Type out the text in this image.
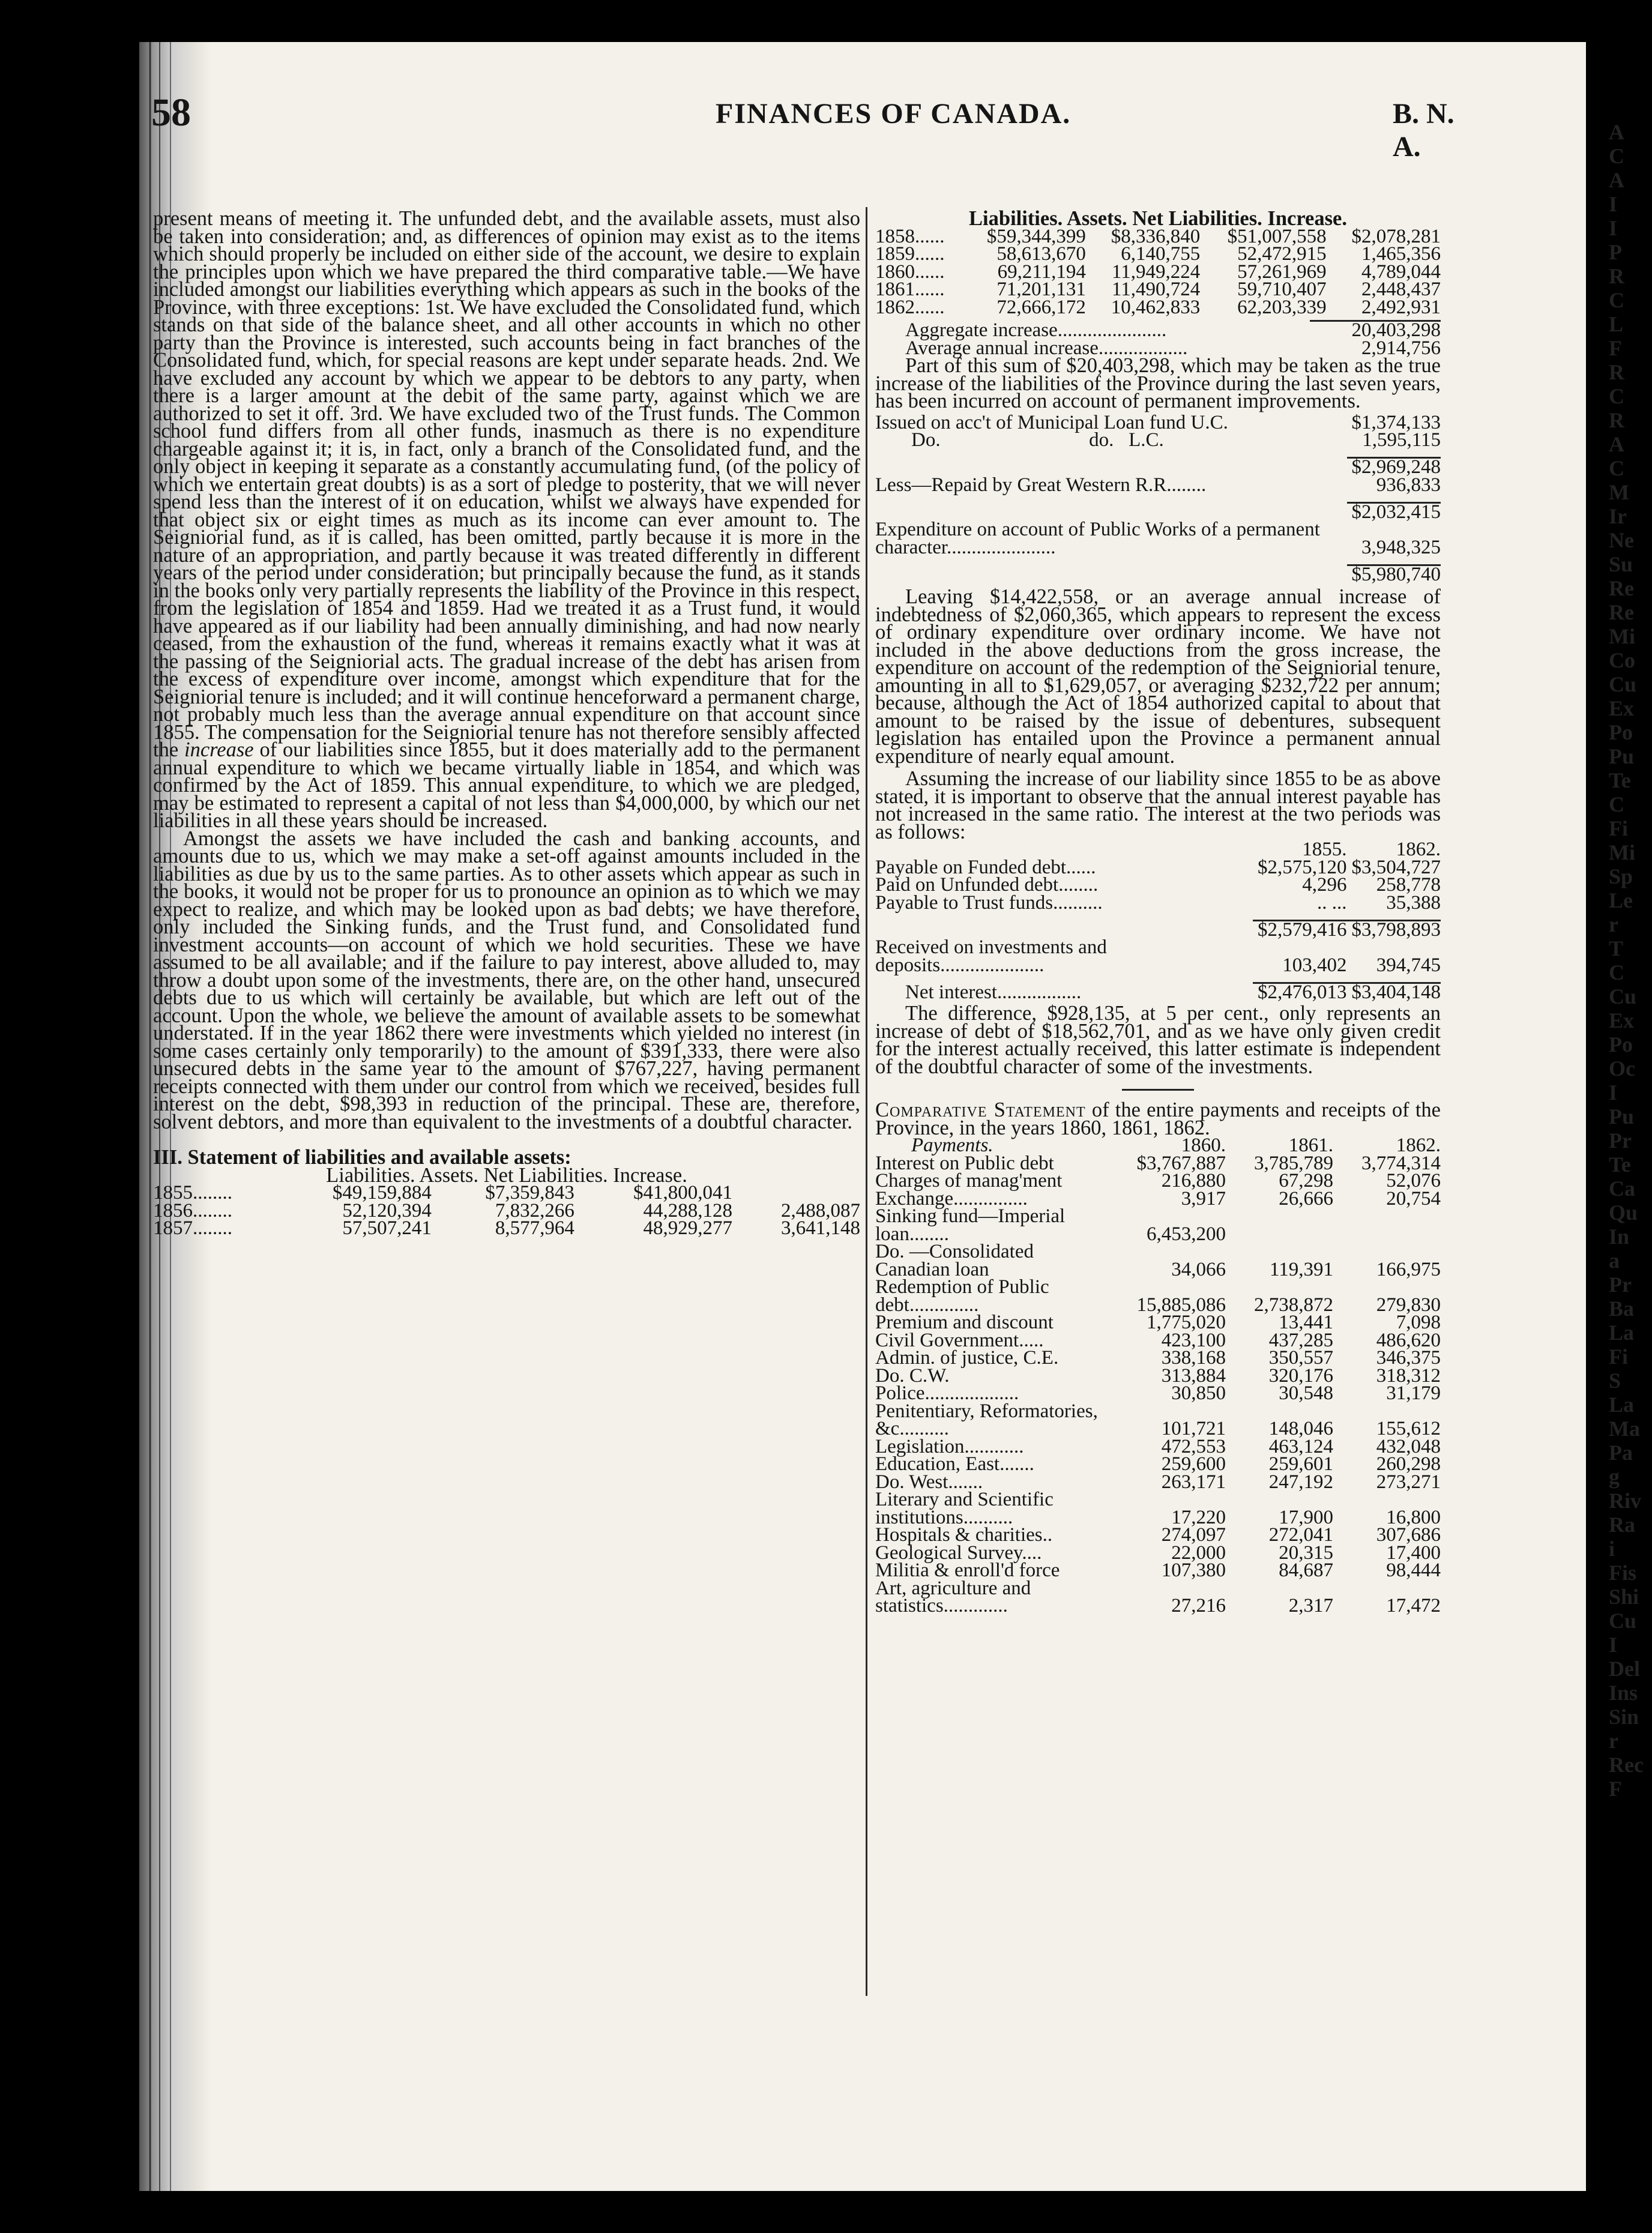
58	FINANCES OF CANADA.	B. N. A.

present means of meeting it. The unfunded debt, and the available assets, must also be taken into consideration; and, as differences of opinion may exist as to the items which should properly be included on either side of the account, we desire to explain the principles upon which we have prepared the third comparative table.—We have included amongst our liabilities everything which appears as such in the books of the Province, with three exceptions: 1st. We have excluded the Consolidated fund, which stands on that side of the balance sheet, and all other accounts in which no other party than the Province is interested, such accounts being in fact branches of the Consolidated fund, which, for special reasons are kept under separate heads. 2nd. We have excluded any account by which we appear to be debtors to any party, when there is a larger amount at the debit of the same party, against which we are authorized to set it off. 3rd. We have excluded two of the Trust funds. The Common school fund differs from all other funds, inasmuch as there is no expenditure chargeable against it; it is, in fact, only a branch of the Consolidated fund, and the only object in keeping it separate as a constantly accumulating fund, (of the policy of which we entertain great doubts) is as a sort of pledge to posterity, that we will never spend less than the interest of it on education, whilst we always have expended for that object six or eight times as much as its income can ever amount to. The Seigniorial fund, as it is called, has been omitted, partly because it is more in the nature of an appropriation, and partly because it was treated differently in different years of the period under consideration; but principally because the fund, as it stands in the books only very partially represents the liability of the Province in this respect, from the legislation of 1854 and 1859. Had we treated it as a Trust fund, it would have appeared as if our liability had been annually diminishing, and had now nearly ceased, from the exhaustion of the fund, whereas it remains exactly what it was at the passing of the Seigniorial acts. The gradual increase of the debt has arisen from the excess of expenditure over income, amongst which expenditure that for the Seigniorial tenure is included; and it will continue henceforward a permanent charge, not probably much less than the average annual expenditure on that account since 1855. The compensation for the Seigniorial tenure has not therefore sensibly affected the increase of our liabilities since 1855, but it does materially add to the permanent annual expenditure to which we became virtually liable in 1854, and which was confirmed by the Act of 1859. This annual expenditure, to which we are pledged, may be estimated to represent a capital of not less than $4,000,000, by which our net liabilities in all these years should be increased.

Amongst the assets we have included the cash and banking accounts, and amounts due to us, which we may make a set-off against amounts included in the liabilities as due by us to the same parties. As to other assets which appear as such in the books, it would not be proper for us to pronounce an opinion as to which we may expect to realize, and which may be looked upon as bad debts; we have therefore, only included the Sinking funds, and the Trust fund, and Consolidated fund investment accounts—on account of which we hold securities. These we have assumed to be all available; and if the failure to pay interest, above alluded to, may throw a doubt upon some of the investments, there are, on the other hand, unsecured debts due to us which will certainly be available, but which are left out of the account. Upon the whole, we believe the amount of available assets to be somewhat understated. If in the year 1862 there were investments which yielded no interest (in some cases certainly only temporarily) to the amount of $391,333, there were also unsecured debts in the same year to the amount of $767,227, having permanent receipts connected with them under our control from which we received, besides full interest on the debt, $98,393 in reduction of the principal. These are, therefore, solvent debtors, and more than equivalent to the investments of a doubtful character.

III. Statement of liabilities and available assets:

Liabilities. Assets. Net Liabilities. Increase.

1855........	$49,159,884	$7,359,843	$41,800,041	
1856........	52,120,394	7,832,266	44,288,128	2,488,087
1857........	57,507,241	8,577,964	48,929,277	3,641,148

Liabilities. Assets. Net Liabilities. Increase.

1858......	$59,344,399	$8,336,840	$51,007,558	$2,078,281
1859......	58,613,670	6,140,755	52,472,915	1,465,356
1860......	69,211,194	11,949,224	57,261,969	4,789,044
1861......	71,201,131	11,490,724	59,710,407	2,448,437
1862......	72,666,172	10,462,833	62,203,339	2,492,931
Aggregate increase......................	20,403,298
Average annual increase..................	2,914,756

Part of this sum of $20,403,298, which may be taken as the true increase of the liabilities of the Province during the last seven years, has been incurred on account of permanent improvements.

Issued on acc't of Municipal Loan fund U.C.	$1,374,133
Do.                              do.   L.C.	1,595,115

	$2,969,248
Less—Repaid by Great Western R.R........	936,833

	$2,032,415
Expenditure on account of Public Works of a permanent character......................	3,948,325

	$5,980,740

Leaving $14,422,558, or an average annual increase of indebtedness of $2,060,365, which appears to represent the excess of ordinary expenditure over ordinary income. We have not included in the above deductions from the gross increase, the expenditure on account of the redemption of the Seigniorial tenure, amounting in all to $1,629,057, or averaging $232,722 per annum; because, although the Act of 1854 authorized capital to about that amount to be raised by the issue of debentures, subsequent legislation has entailed upon the Province a permanent annual expenditure of nearly equal amount.

Assuming the increase of our liability since 1855 to be as above stated, it is important to observe that the annual interest payable has not increased in the same ratio. The interest at the two periods was as follows:

	1855.	1862.
Payable on Funded debt......	$2,575,120	$3,504,727
Paid on Unfunded debt........	4,296	258,778
Payable to Trust funds..........	.. ...	35,388

	$2,579,416	$3,798,893
Received on investments and deposits.....................	103,402	394,745

Net interest.................	$2,476,013	$3,404,148

The difference, $928,135, at 5 per cent., only represents an increase of debt of $18,562,701, and as we have only given credit for the interest actually received, this latter estimate is independent of the doubtful character of some of the investments.

Comparative Statement of the entire payments and receipts of the Province, in the years 1860, 1861, 1862.

Payments.	1860.	1861.	1862.
Interest on Public debt	$3,767,887	3,785,789	3,774,314
Charges of manag'ment	216,880	67,298	52,076
Exchange...............	3,917	26,666	20,754
Sinking fund—Imperial loan........	6,453,200		
Do. —Consolidated Canadian loan	34,066	119,391	166,975
Redemption of Public debt..............	15,885,086	2,738,872	279,830
Premium and discount	1,775,020	13,441	7,098
Civil Government.....	423,100	437,285	486,620
Admin. of justice, C.E.	338,168	350,557	346,375
Do. C.W.	313,884	320,176	318,312
Police...................	30,850	30,548	31,179
Penitentiary, Reformatories, &c..........	101,721	148,046	155,612
Legislation............	472,553	463,124	432,048
Education, East.......	259,600	259,601	260,298
Do. West.......	263,171	247,192	273,271
Literary and Scientific institutions..........	17,220	17,900	16,800
Hospitals & charities..	274,097	272,041	307,686
Geological Survey....	22,000	20,315	17,400
Militia & enroll'd force	107,380	84,687	98,444
Art, agriculture and statistics.............	27,216	2,317	17,472
A
C
A
I
I
P
R
C
L
F
R
C
R
A
C
M
Ir
Ne
Su
Re
Re
Mi
Co
Cu
Ex
Po
Pu
Te
C
Fi
Mi
Sp
Le
r
T
C
Cu
Ex
Po
Oc
I
Pu
Pr
Te
Ca
Qu
In
a
Pr
Ba
La
Fi
S
La
Ma
Pa
g
Riv
Ra
i
Fis
Shi
Cu
I
Del
Ins
Sin
r
Rec
F
